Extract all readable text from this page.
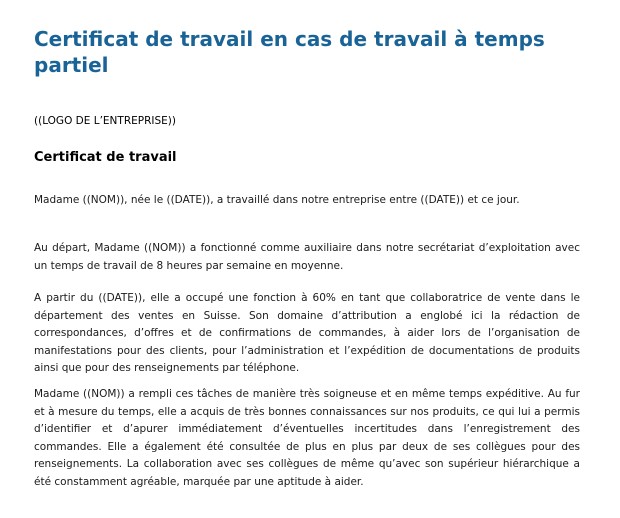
Certificat de travail en cas de travail à temps partiel

((LOGO DE L’ENTREPRISE))

Certificat de travail

Madame ((NOM)), née le ((DATE)), a travaillé dans notre entreprise entre ((DATE)) et ce jour.

Au départ, Madame ((NOM)) a fonctionné comme auxiliaire dans notre secrétariat d’exploitation avec un temps de travail de 8 heures par semaine en moyenne.

A partir du ((DATE)), elle a occupé une fonction à 60% en tant que collaboratrice de vente dans le département des ventes en Suisse. Son domaine d’attribution a englobé ici la rédaction de correspondances, d’offres et de confirmations de commandes, à aider lors de l’organisation de manifestations pour des clients, pour l’administration et l’expédition de documentations de produits ainsi que pour des renseignements par téléphone.

Madame ((NOM)) a rempli ces tâches de manière très soigneuse et en même temps expéditive. Au fur et à mesure du temps, elle a acquis de très bonnes connaissances sur nos produits, ce qui lui a permis d’identifier et d’apurer immédiatement d’éventuelles incertitudes dans l’enregistrement des commandes. Elle a également été consultée de plus en plus par deux de ses collègues pour des renseignements. La collaboration avec ses collègues de même qu’avec son supérieur hiérarchique a été constamment agréable, marquée par une aptitude à aider.
